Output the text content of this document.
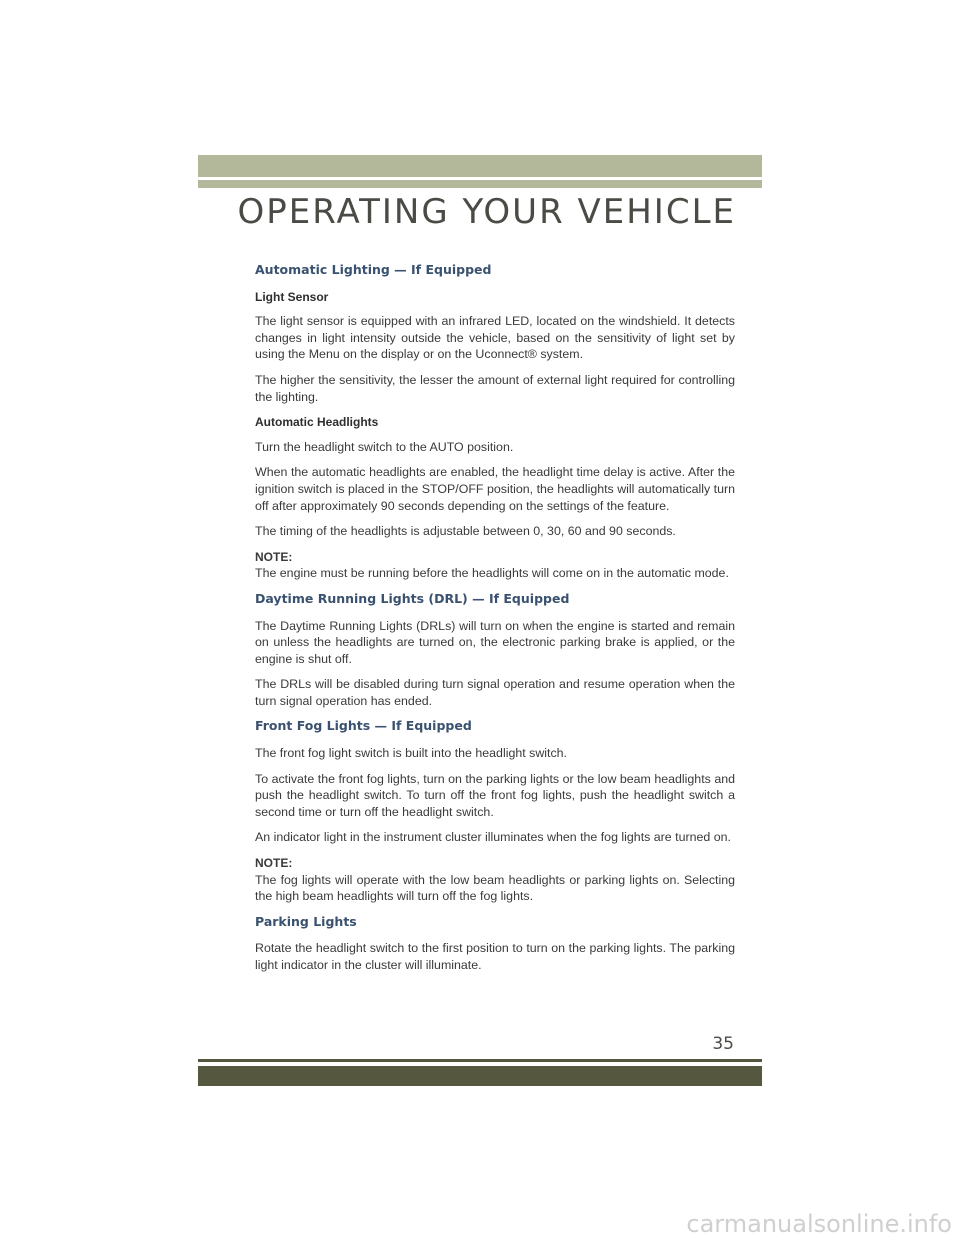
OPERATING YOUR VEHICLE
Automatic Lighting — If Equipped
Light Sensor

The light sensor is equipped with an infrared LED, located on the windshield. It detects changes in light intensity outside the vehicle, based on the sensitivity of light set by using the Menu on the display or on the Uconnect® system.

The higher the sensitivity, the lesser the amount of external light required for controlling the lighting.

Automatic Headlights

Turn the headlight switch to the AUTO position.

When the automatic headlights are enabled, the headlight time delay is active. After the ignition switch is placed in the STOP/OFF position, the headlights will automatically turn off after approximately 90 seconds depending on the settings of the feature.

The timing of the headlights is adjustable between 0, 30, 60 and 90 seconds.

NOTE:
The engine must be running before the headlights will come on in the automatic mode.
Daytime Running Lights (DRL) — If Equipped

The Daytime Running Lights (DRLs) will turn on when the engine is started and remain on unless the headlights are turned on, the electronic parking brake is applied, or the engine is shut off.

The DRLs will be disabled during turn signal operation and resume operation when the turn signal operation has ended.

Front Fog Lights — If Equipped

The front fog light switch is built into the headlight switch.

To activate the front fog lights, turn on the parking lights or the low beam headlights and push the headlight switch. To turn off the front fog lights, push the headlight switch a second time or turn off the headlight switch.

An indicator light in the instrument cluster illuminates when the fog lights are turned on.

NOTE:
The fog lights will operate with the low beam headlights or parking lights on. Selecting the high beam headlights will turn off the fog lights.
Parking Lights

Rotate the headlight switch to the first position to turn on the parking lights. The parking light indicator in the cluster will illuminate.

35
carmanualsonline.info
